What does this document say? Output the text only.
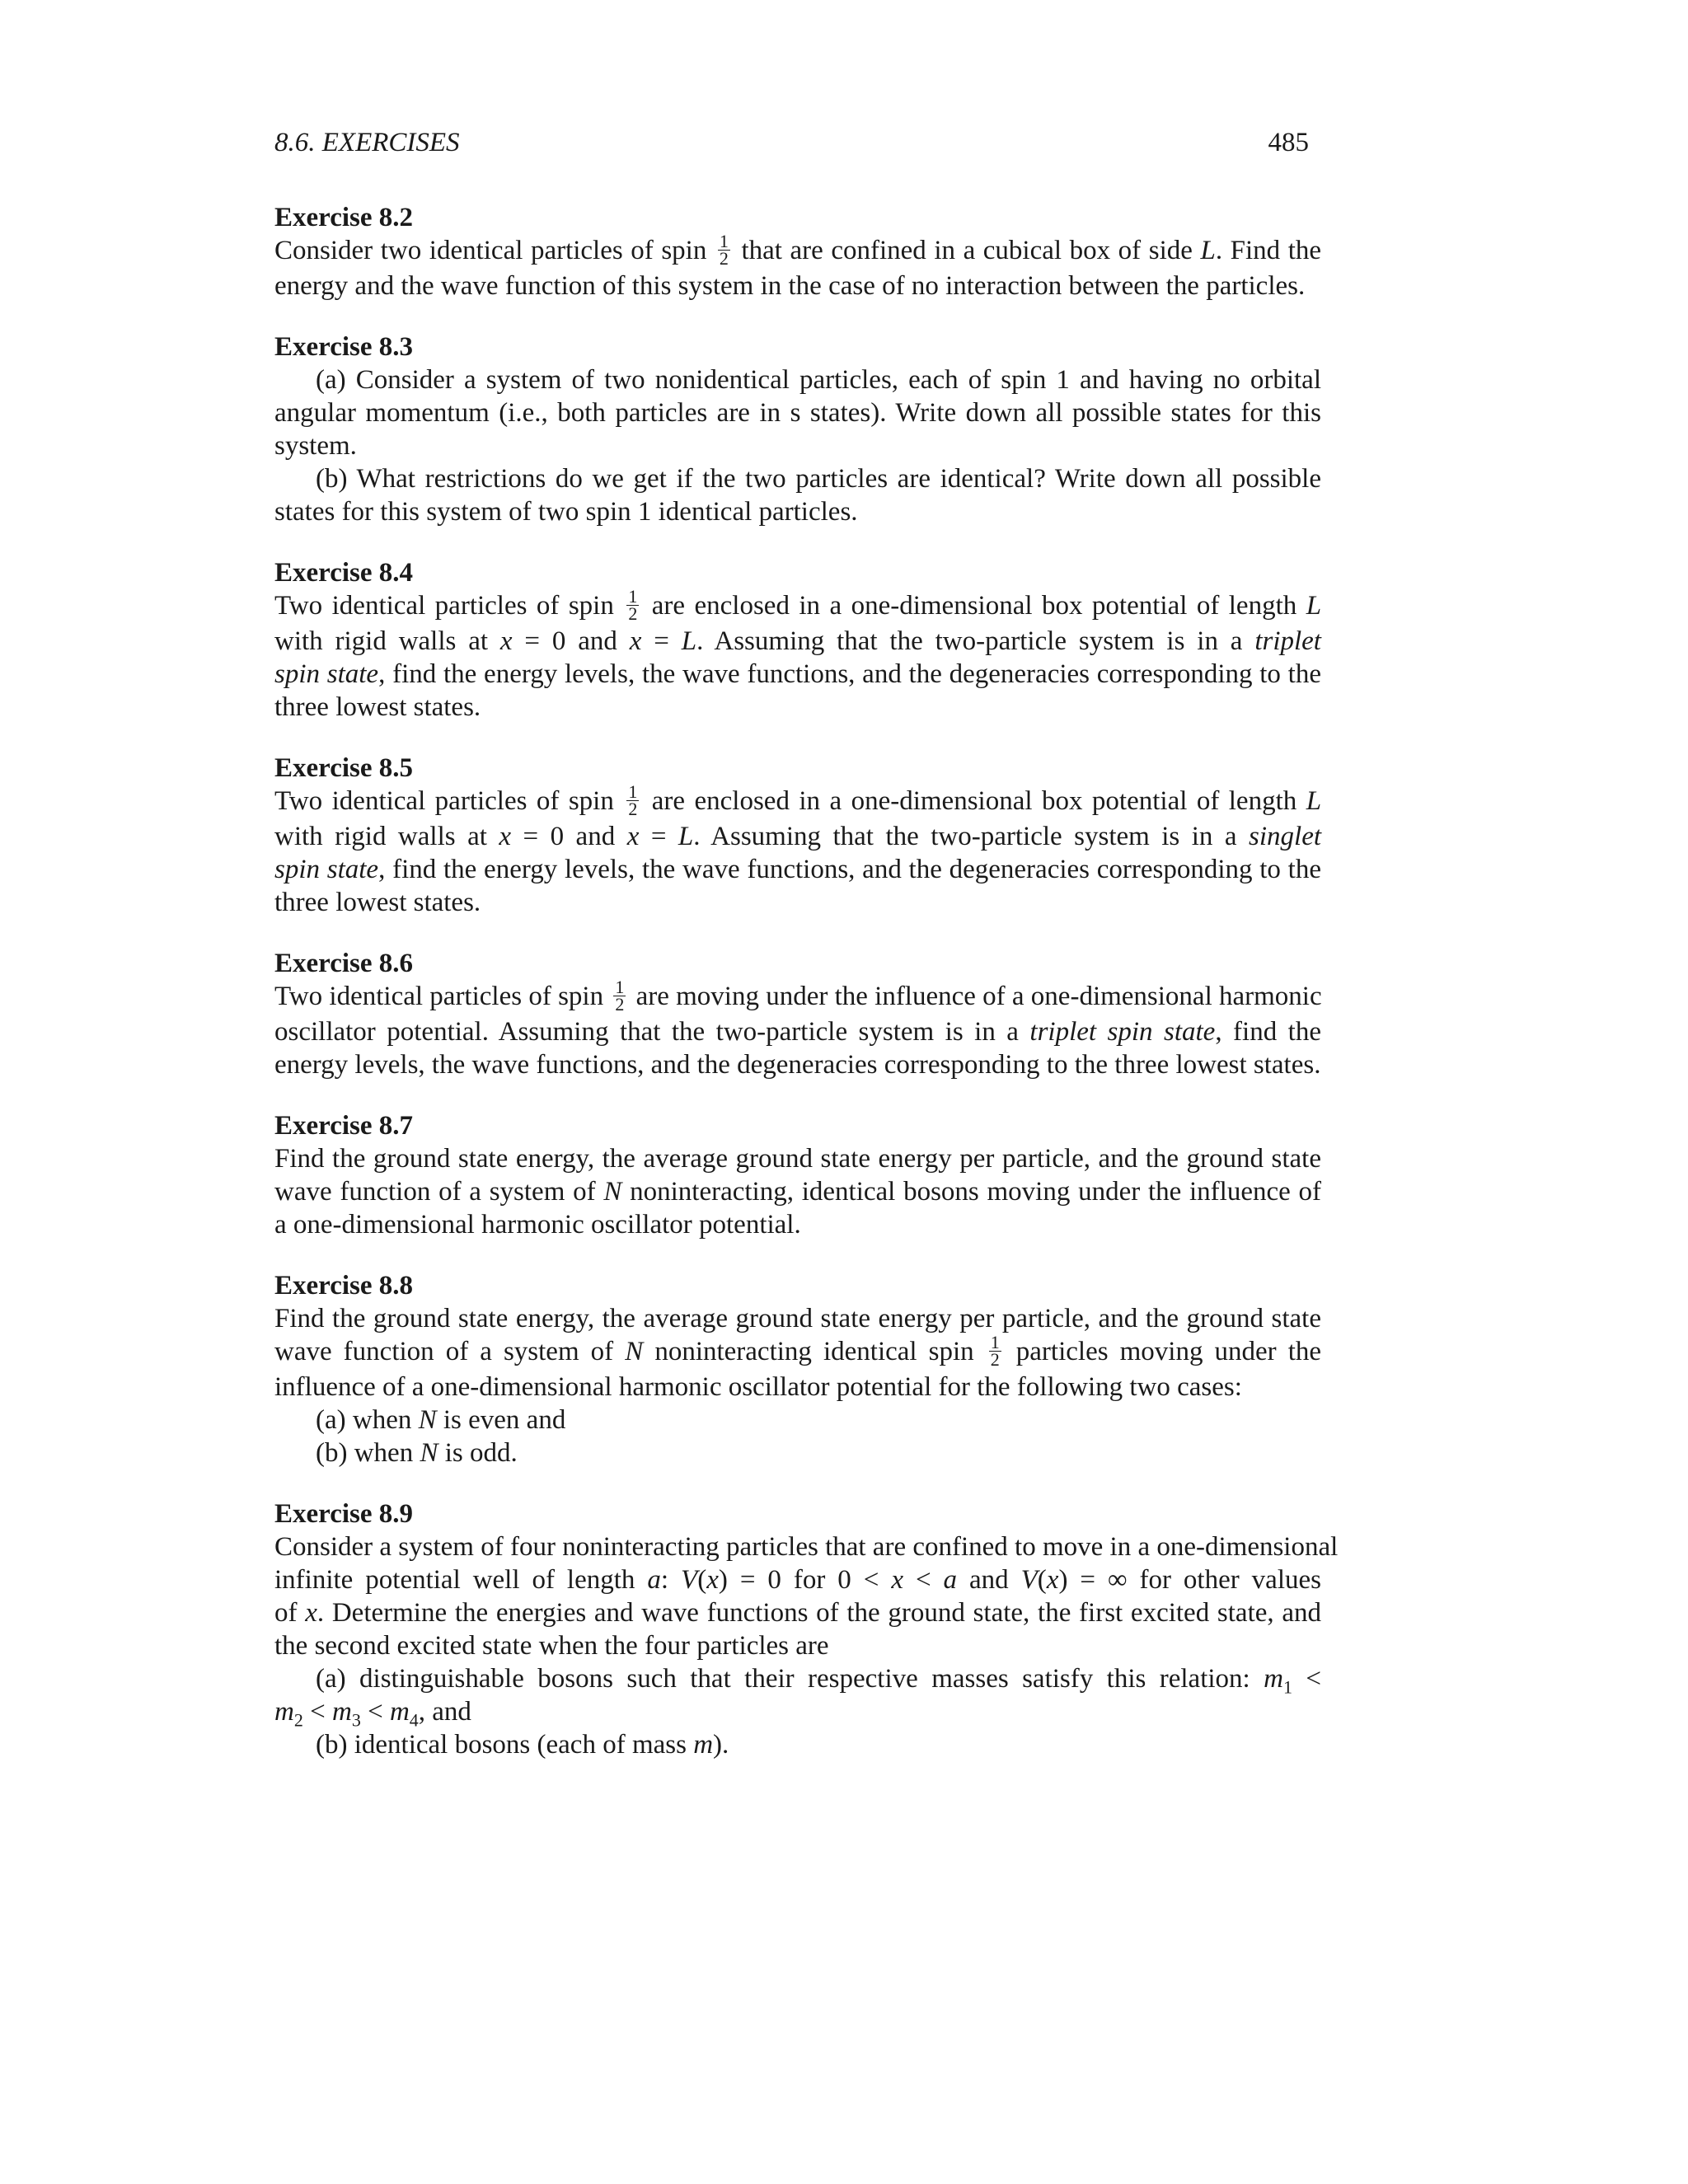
8.6. EXERCISES	485
Exercise 8.2
Consider two identical particles of spin $\frac{1}{2}$ that are confined in a cubical box of side L. Find the
energy and the wave function of this system in the case of no interaction between the particles.
Exercise 8.3
(a) Consider a system of two nonidentical particles, each of spin 1 and having no orbital
angular momentum (i.e., both particles are in s states). Write down all possible states for this
system.
(b) What restrictions do we get if the two particles are identical? Write down all possible
states for this system of two spin 1 identical particles.
Exercise 8.4
Two identical particles of spin $\frac{1}{2}$ are enclosed in a one-dimensional box potential of length L
with rigid walls at x = 0 and x = L. Assuming that the two-particle system is in a triplet
spin state, find the energy levels, the wave functions, and the degeneracies corresponding to the
three lowest states.
Exercise 8.5
Two identical particles of spin $\frac{1}{2}$ are enclosed in a one-dimensional box potential of length L
with rigid walls at x = 0 and x = L. Assuming that the two-particle system is in a singlet
spin state, find the energy levels, the wave functions, and the degeneracies corresponding to the
three lowest states.
Exercise 8.6
Two identical particles of spin $\frac{1}{2}$ are moving under the influence of a one-dimensional harmonic
oscillator potential. Assuming that the two-particle system is in a triplet spin state, find the
energy levels, the wave functions, and the degeneracies corresponding to the three lowest states.
Exercise 8.7
Find the ground state energy, the average ground state energy per particle, and the ground state
wave function of a system of N noninteracting, identical bosons moving under the influence of
a one-dimensional harmonic oscillator potential.
Exercise 8.8
Find the ground state energy, the average ground state energy per particle, and the ground state
wave function of a system of N noninteracting identical spin $\frac{1}{2}$ particles moving under the
influence of a one-dimensional harmonic oscillator potential for the following two cases:
(a) when N is even and
(b) when N is odd.
Exercise 8.9
Consider a system of four noninteracting particles that are confined to move in a one-dimensional
infinite potential well of length a: V(x) = 0 for 0 < x < a and V(x) = ∞ for other values
of x. Determine the energies and wave functions of the ground state, the first excited state, and
the second excited state when the four particles are
(a) distinguishable bosons such that their respective masses satisfy this relation: $m_1$ <
$m_2 < m_3 < m_4$, and
(b) identical bosons (each of mass m).
